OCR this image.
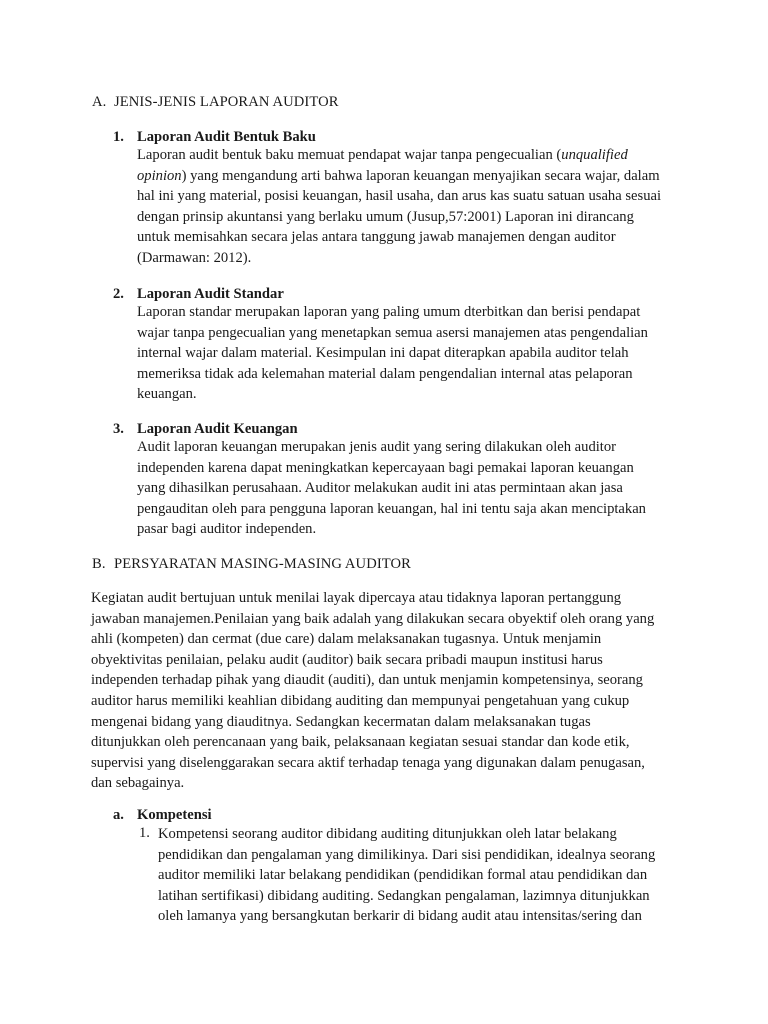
A. JENIS-JENIS LAPORAN AUDITOR
1. Laporan Audit Bentuk Baku
Laporan audit bentuk baku memuat pendapat wajar tanpa pengecualian (unqualified
opinion) yang mengandung arti bahwa laporan keuangan menyajikan secara wajar, dalam
hal ini yang material, posisi keuangan, hasil usaha, dan arus kas suatu satuan usaha sesuai
dengan prinsip akuntansi yang berlaku umum (Jusup,57:2001) Laporan ini dirancang
untuk memisahkan secara jelas antara tanggung jawab manajemen dengan auditor
(Darmawan: 2012).
2. Laporan Audit Standar
Laporan standar merupakan laporan yang paling umum dterbitkan dan berisi pendapat
wajar tanpa pengecualian yang menetapkan semua asersi manajemen atas pengendalian
internal wajar dalam material. Kesimpulan ini dapat diterapkan apabila auditor telah
memeriksa tidak ada kelemahan material dalam pengendalian internal atas pelaporan
keuangan.
3. Laporan Audit Keuangan
Audit laporan keuangan merupakan jenis audit yang sering dilakukan oleh auditor
independen karena dapat meningkatkan kepercayaan bagi pemakai laporan keuangan
yang dihasilkan perusahaan. Auditor melakukan audit ini atas permintaan akan jasa
pengauditan oleh para pengguna laporan keuangan, hal ini tentu saja akan menciptakan
pasar bagi auditor independen.
B. PERSYARATAN MASING-MASING AUDITOR
Kegiatan audit bertujuan untuk menilai layak dipercaya atau tidaknya laporan pertanggung
jawaban manajemen.Penilaian yang baik adalah yang dilakukan secara obyektif oleh orang yang
ahli (kompeten) dan cermat (due care) dalam melaksanakan tugasnya. Untuk menjamin
obyektivitas penilaian, pelaku audit (auditor) baik secara pribadi maupun institusi harus
independen terhadap pihak yang diaudit (auditi), dan untuk menjamin kompetensinya, seorang
auditor harus memiliki keahlian dibidang auditing dan mempunyai pengetahuan yang cukup
mengenai bidang yang diauditnya. Sedangkan kecermatan dalam melaksanakan tugas
ditunjukkan oleh perencanaan yang baik, pelaksanaan kegiatan sesuai standar dan kode etik,
supervisi yang diselenggarakan secara aktif terhadap tenaga yang digunakan dalam penugasan,
dan sebagainya.
a. Kompetensi
1. Kompetensi seorang auditor dibidang auditing ditunjukkan oleh latar belakang
pendidikan dan pengalaman yang dimilikinya. Dari sisi pendidikan, idealnya seorang
auditor memiliki latar belakang pendidikan (pendidikan formal atau pendidikan dan
latihan sertifikasi) dibidang auditing. Sedangkan pengalaman, lazimnya ditunjukkan
oleh lamanya yang bersangkutan berkarir di bidang audit atau intensitas/sering dan
